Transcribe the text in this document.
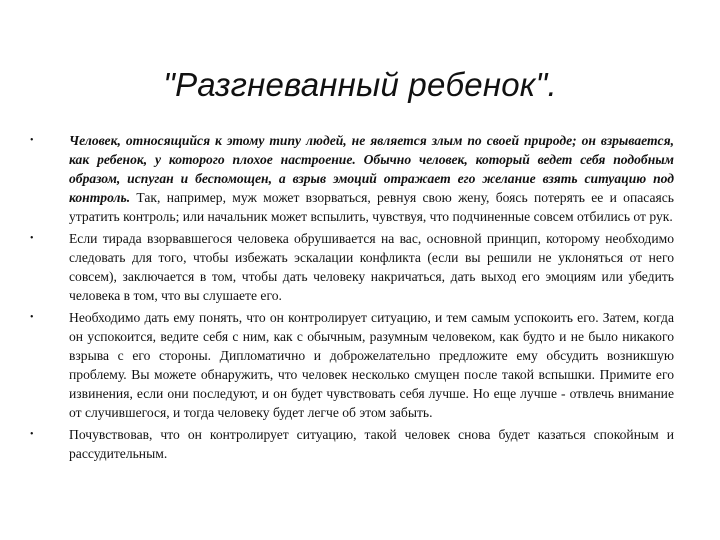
"Разгневанный ребенок".
•	Человек, относящийся к этому типу людей, не является злым по своей природе; он взрывается, как ребенок, у которого плохое настроение. Обычно человек, который ведет себя подобным образом, испуган и беспомощен, а взрыв эмоций отражает его желание взять ситуацию под контроль. Так, например, муж может взорваться, ревнуя свою жену, боясь потерять ее и опасаясь утратить контроль; или начальник может вспылить, чувствуя, что подчиненные совсем отбились от рук.
•	Если тирада взорвавшегося человека обрушивается на вас, основной принцип, которому необходимо следовать для того, чтобы избежать эскалации конфликта (если вы решили не уклоняться от него совсем), заключается в том, чтобы дать человеку накричаться, дать выход его эмоциям или убедить человека в том, что вы слушаете его.
•	Необходимо дать ему понять, что он контролирует ситуацию, и тем самым успокоить его. Затем, когда он успокоится, ведите себя с ним, как с обычным, разумным человеком, как будто и не было никакого взрыва с его стороны. Дипломатично и доброжелательно предложите ему обсудить возникшую проблему. Вы можете обнаружить, что человек несколько смущен после такой вспышки. Примите его извинения, если они последуют, и он будет чувствовать себя лучше. Но еще лучше - отвлечь внимание от случившегося, и тогда человеку будет легче об этом забыть.
•	Почувствовав, что он контролирует ситуацию, такой человек снова будет казаться спокойным и рассудительным.
